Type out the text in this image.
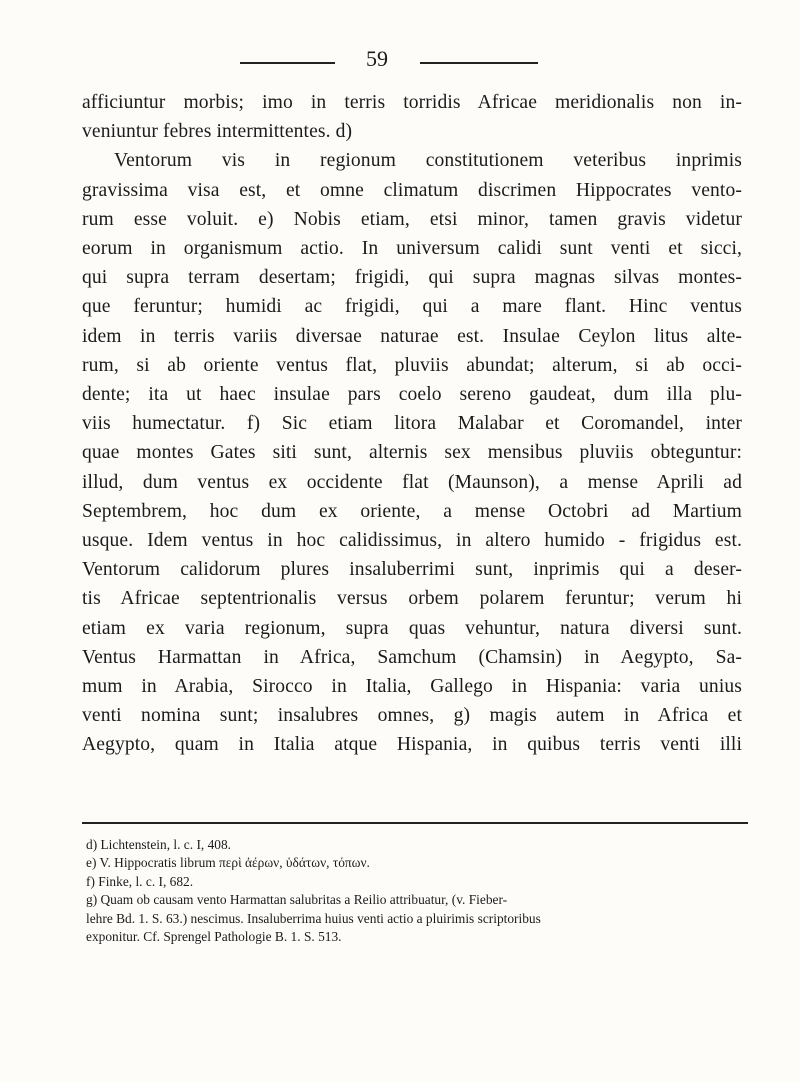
59
afficiuntur morbis; imo in terris torridis Africae meridionalis non in-
veniuntur febres intermittentes. d)
Ventorum vis in regionum constitutionem veteribus inprimis
gravissima visa est, et omne climatum discrimen Hippocrates vento-
rum esse voluit. e) Nobis etiam, etsi minor, tamen gravis videtur
eorum in organismum actio. In universum calidi sunt venti et sicci,
qui supra terram desertam; frigidi, qui supra magnas silvas montes-
que feruntur; humidi ac frigidi, qui a mare flant. Hinc ventus
idem in terris variis diversae naturae est. Insulae Ceylon litus alte-
rum, si ab oriente ventus flat, pluviis abundat; alterum, si ab occi-
dente; ita ut haec insulae pars coelo sereno gaudeat, dum illa plu-
viis humectatur. f) Sic etiam litora Malabar et Coromandel, inter
quae montes Gates siti sunt, alternis sex mensibus pluviis obteguntur:
illud, dum ventus ex occidente flat (Maunson), a mense Aprili ad
Septembrem, hoc dum ex oriente, a mense Octobri ad Martium
usque. Idem ventus in hoc calidissimus, in altero humido - frigidus est.
Ventorum calidorum plures insaluberrimi sunt, inprimis qui a deser-
tis Africae septentrionalis versus orbem polarem feruntur; verum hi
etiam ex varia regionum, supra quas vehuntur, natura diversi sunt.
Ventus Harmattan in Africa, Samchum (Chamsin) in Aegypto, Sa-
mum in Arabia, Sirocco in Italia, Gallego in Hispania: varia unius
venti nomina sunt; insalubres omnes, g) magis autem in Africa et
Aegypto, quam in Italia atque Hispania, in quibus terris venti illi
d) Lichtenstein, l. c. I, 408.
e) V. Hippocratis librum περὶ ἀέρων, ὑδάτων, τόπων.
f) Finke, l. c. I, 682.
g) Quam ob causam vento Harmattan salubritas a Reilio attribuatur, (v. Fieber-
lehre Bd. 1. S. 63.) nescimus. Insaluberrima huius venti actio a pluirimis scriptoribus
exponitur. Cf. Sprengel Pathologie B. 1. S. 513.
